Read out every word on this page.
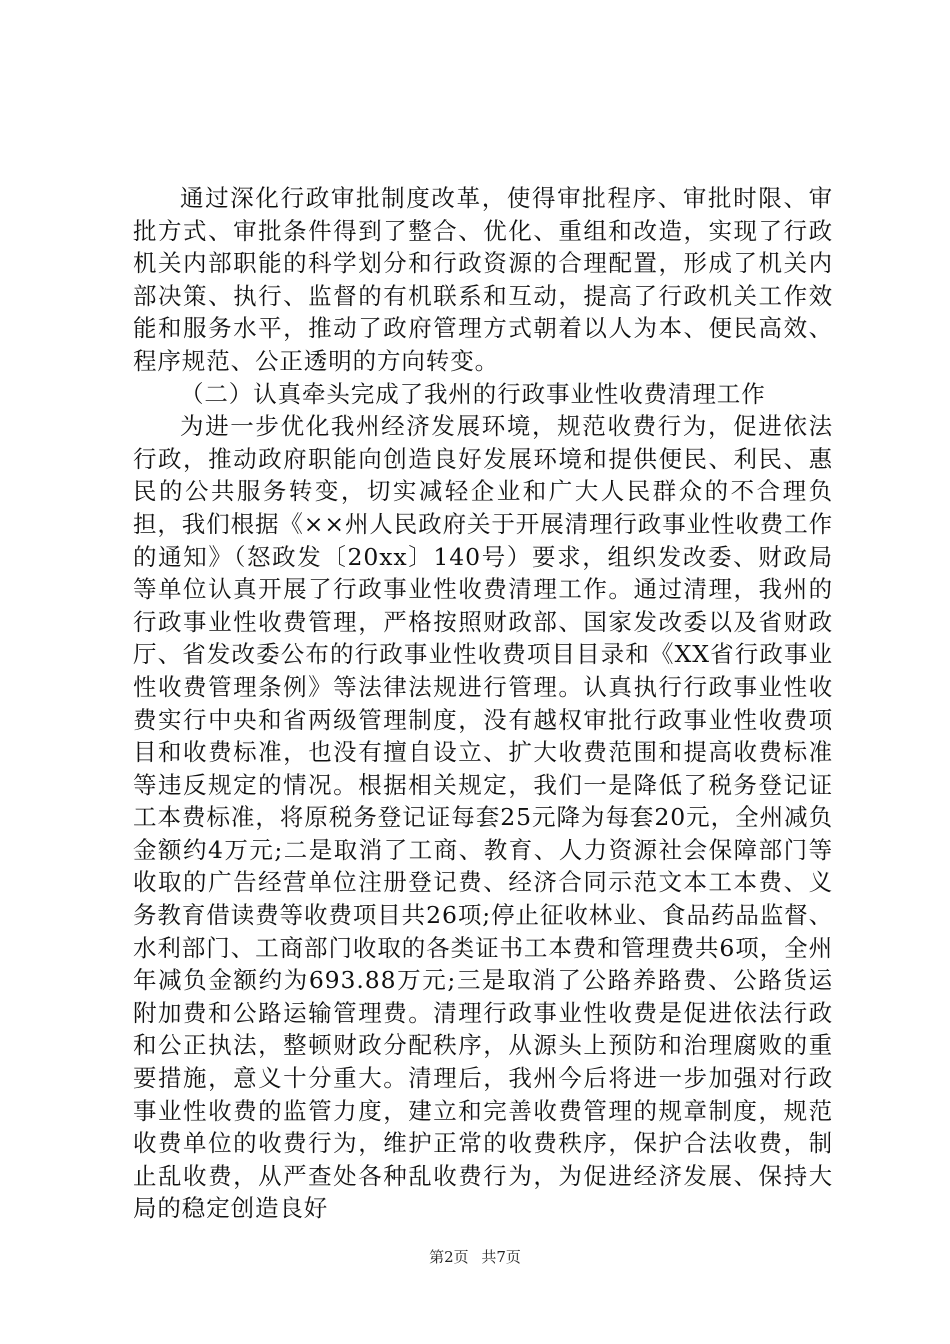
通过深化行政审批制度改革，使得审批程序、审批时限、审批方式、审批条件得到了整合、优化、重组和改造，实现了行政机关内部职能的科学划分和行政资源的合理配置，形成了机关内部决策、执行、监督的有机联系和互动，提高了行政机关工作效能和服务水平，推动了政府管理方式朝着以人为本、便民高效、程序规范、公正透明的方向转变。

（二）认真牵头完成了我州的行政事业性收费清理工作

为进一步优化我州经济发展环境，规范收费行为，促进依法行政，推动政府职能向创造良好发展环境和提供便民、利民、惠民的公共服务转变，切实减轻企业和广大人民群众的不合理负担，我们根据《××州人民政府关于开展清理行政事业性收费工作的通知》（怒政发〔20xx〕140号）要求，组织发改委、财政局等单位认真开展了行政事业性收费清理工作。通过清理，我州的行政事业性收费管理，严格按照财政部、国家发改委以及省财政厅、省发改委公布的行政事业性收费项目目录和《XX省行政事业性收费管理条例》等法律法规进行管理。认真执行行政事业性收费实行中央和省两级管理制度，没有越权审批行政事业性收费项目和收费标准，也没有擅自设立、扩大收费范围和提高收费标准等违反规定的情况。根据相关规定，我们一是降低了税务登记证工本费标准，将原税务登记证每套25元降为每套20元，全州减负金额约4万元;二是取消了工商、教育、人力资源社会保障部门等收取的广告经营单位注册登记费、经济合同示范文本工本费、义务教育借读费等收费项目共26项;停止征收林业、食品药品监督、水利部门、工商部门收取的各类证书工本费和管理费共6项，全州年减负金额约为693.88万元;三是取消了公路养路费、公路货运附加费和公路运输管理费。清理行政事业性收费是促进依法行政和公正执法，整顿财政分配秩序，从源头上预防和治理腐败的重要措施，意义十分重大。清理后，我州今后将进一步加强对行政事业性收费的监管力度，建立和完善收费管理的规章制度，规范收费单位的收费行为，维护正常的收费秩序，保护合法收费，制止乱收费，从严查处各种乱收费行为，为促进经济发展、保持大局的稳定创造良好

第2页 共7页
